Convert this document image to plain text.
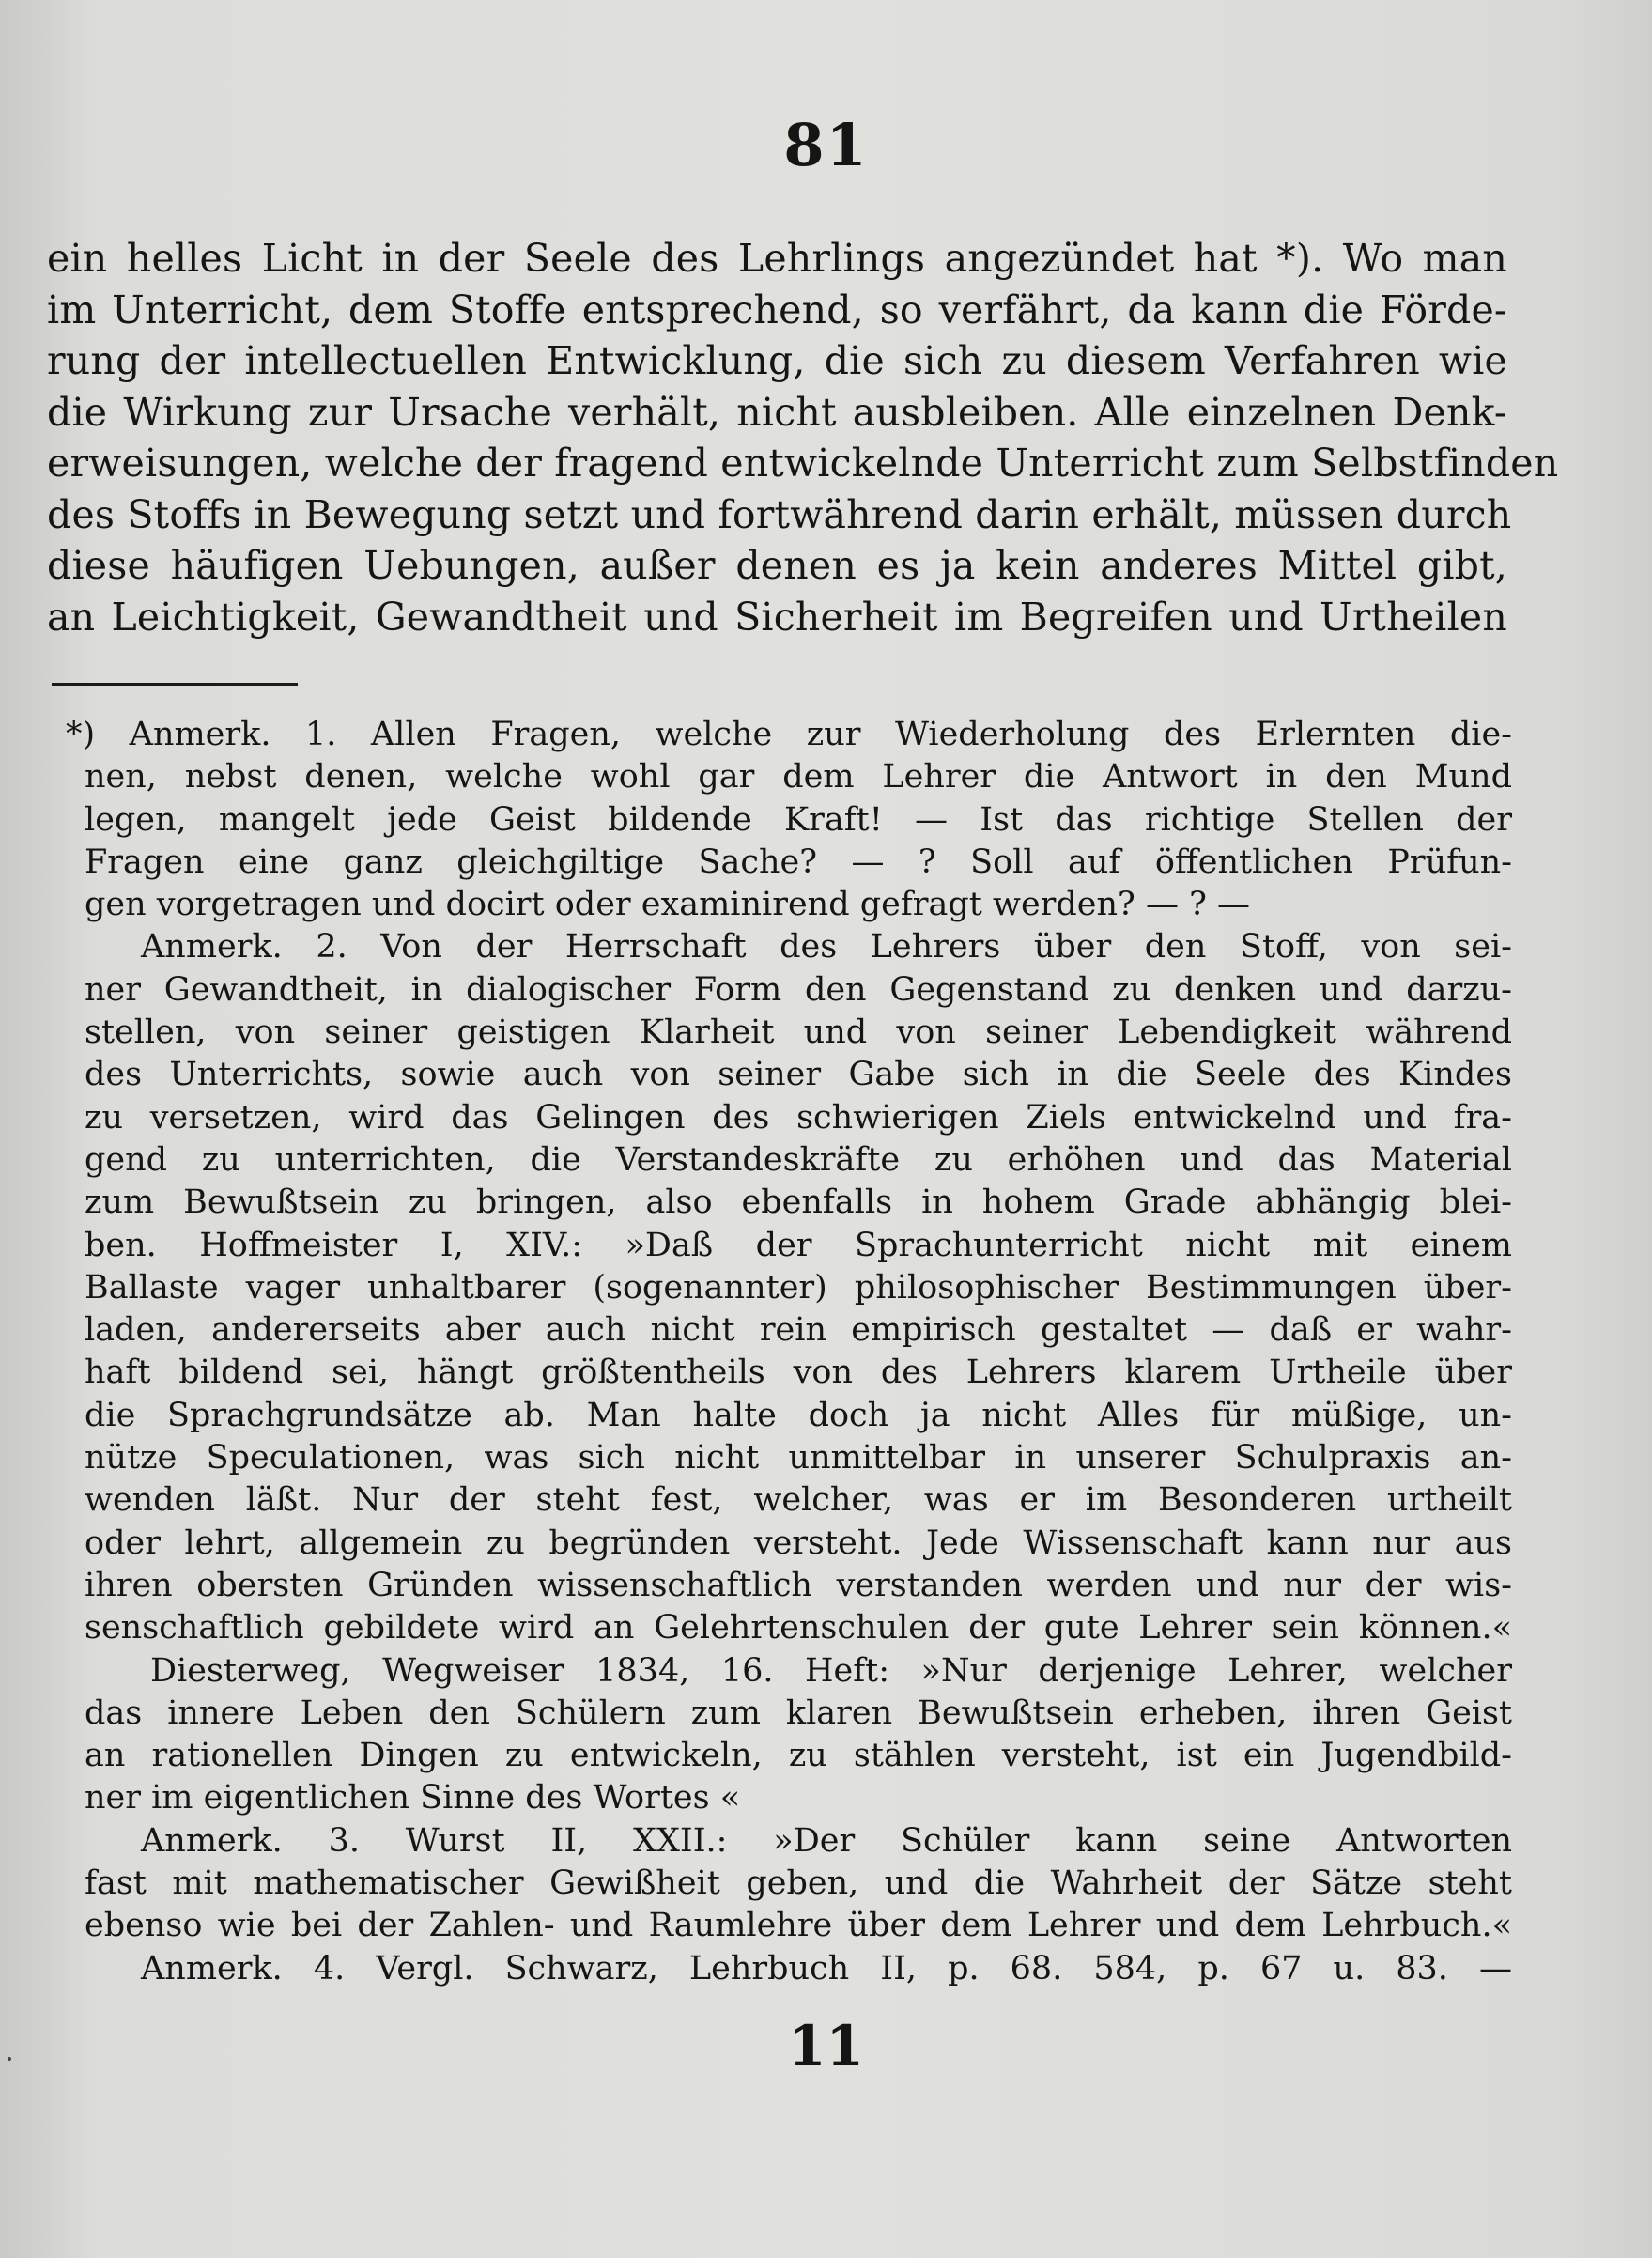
81
ein helles Licht in der Seele des Lehrlings angezündet hat *). Wo man
im Unterricht, dem Stoffe entsprechend, so verfährt, da kann die Förde-
rung der intellectuellen Entwicklung, die sich zu diesem Verfahren wie
die Wirkung zur Ursache verhält, nicht ausbleiben. Alle einzelnen Denk-
erweisungen, welche der fragend entwickelnde Unterricht zum Selbstfinden
des Stoffs in Bewegung setzt und fortwährend darin erhält, müssen durch
diese häufigen Uebungen, außer denen es ja kein anderes Mittel gibt,
an Leichtigkeit, Gewandtheit und Sicherheit im Begreifen und Urtheilen
*) Anmerk. 1. Allen Fragen, welche zur Wiederholung des Erlernten die-
nen, nebst denen, welche wohl gar dem Lehrer die Antwort in den Mund
legen, mangelt jede Geist bildende Kraft! — Ist das richtige Stellen der
Fragen eine ganz gleichgiltige Sache? — ? Soll auf öffentlichen Prüfun-
gen vorgetragen und docirt oder examinirend gefragt werden? — ? —
Anmerk. 2. Von der Herrschaft des Lehrers über den Stoff, von sei-
ner Gewandtheit, in dialogischer Form den Gegenstand zu denken und darzu-
stellen, von seiner geistigen Klarheit und von seiner Lebendigkeit während
des Unterrichts, sowie auch von seiner Gabe sich in die Seele des Kindes
zu versetzen, wird das Gelingen des schwierigen Ziels entwickelnd und fra-
gend zu unterrichten, die Verstandeskräfte zu erhöhen und das Material
zum Bewußtsein zu bringen, also ebenfalls in hohem Grade abhängig blei-
ben. Hoffmeister I, XIV.: »Daß der Sprachunterricht nicht mit einem
Ballaste vager unhaltbarer (sogenannter) philosophischer Bestimmungen über-
laden, andererseits aber auch nicht rein empirisch gestaltet — daß er wahr-
haft bildend sei, hängt größtentheils von des Lehrers klarem Urtheile über
die Sprachgrundsätze ab. Man halte doch ja nicht Alles für müßige, un-
nütze Speculationen, was sich nicht unmittelbar in unserer Schulpraxis an-
wenden läßt. Nur der steht fest, welcher, was er im Besonderen urtheilt
oder lehrt, allgemein zu begründen versteht. Jede Wissenschaft kann nur aus
ihren obersten Gründen wissenschaftlich verstanden werden und nur der wis-
senschaftlich gebildete wird an Gelehrtenschulen der gute Lehrer sein können.«
Diesterweg, Wegweiser 1834, 16. Heft: »Nur derjenige Lehrer, welcher
das innere Leben den Schülern zum klaren Bewußtsein erheben, ihren Geist
an rationellen Dingen zu entwickeln, zu stählen versteht, ist ein Jugendbild-
ner im eigentlichen Sinne des Wortes «
Anmerk. 3. Wurst II, XXII.: »Der Schüler kann seine Antworten
fast mit mathematischer Gewißheit geben, und die Wahrheit der Sätze steht
ebenso wie bei der Zahlen- und Raumlehre über dem Lehrer und dem Lehrbuch.«
Anmerk. 4. Vergl. Schwarz, Lehrbuch II, p. 68. 584, p. 67 u. 83. —
11
